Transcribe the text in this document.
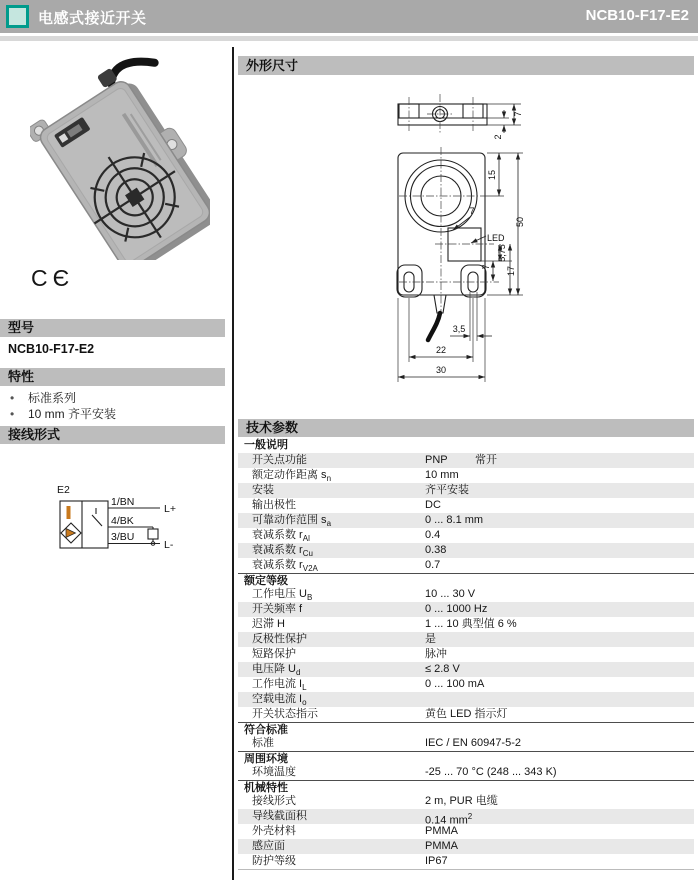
电感式接近开关	NCB10-F17-E2
CЄ
型号
NCB10-F17-E2
特性
• 标准系列
• 10 mm 齐平安装
接线形式
E2
1/BN
L+
4/BK
3/BU
L-
外形尺寸
7
2
7
LED
15
50
5,75
17
7
3,5
22
30
技术参数
一般说明
开关点功能	PNP 常开
额定动作距离 $s_n$	10 mm
安装	齐平安装
输出极性	DC
可靠动作范围 $s_a$	0 ... 8.1 mm
衰减系数 $r_{Al}$	0.4
衰减系数 $r_{Cu}$	0.38
衰减系数 $r_{V2A}$	0.7
额定等级
工作电压 $U_B$	10 ... 30 V
开关频率 f	0 ... 1000 Hz
迟滞 H	1 ... 10 典型值 6 %
反极性保护	是
短路保护	脉冲
电压降 $U_d$	≤ 2.8 V
工作电流 $I_L$	0 ... 100 mA
空载电流 $I_o$
开关状态指示	黄色 LED 指示灯
符合标准
标准	IEC / EN 60947-5-2
周围环境
环境温度	-25 ... 70 °C (248 ... 343 K)
机械特性
接线形式	2 m, PUR 电缆
导线截面积	0.14 $mm^2$
外壳材料	PMMA
感应面	PMMA
防护等级	IP67
